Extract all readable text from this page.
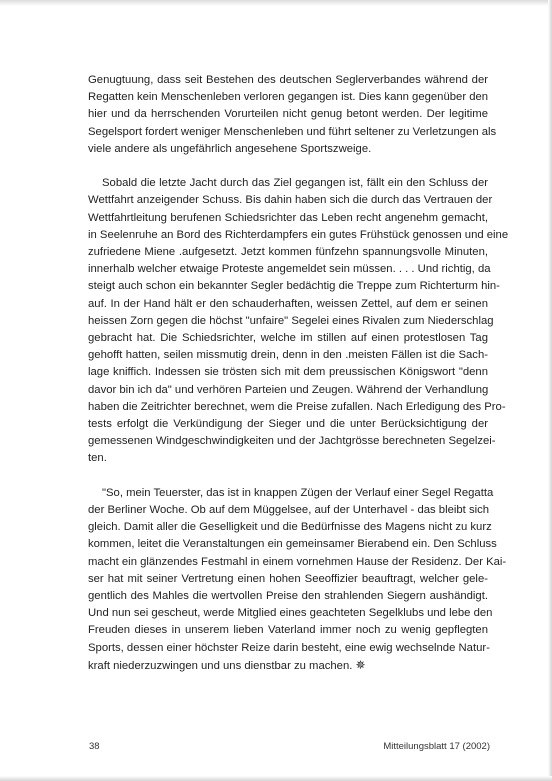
Genugtuung, dass seit Bestehen des deutschen Seglerverbandes während der
Regatten kein Menschenleben verloren gegangen ist. Dies kann gegenüber den
hier und da herrschenden Vorurteilen nicht genug betont werden. Der legitime
Segelsport fordert weniger Menschenleben und führt seltener zu Verletzungen als
viele andere als ungefährlich angesehene Sportszweige.

Sobald die letzte Jacht durch das Ziel gegangen ist, fällt ein den Schluss der
Wettfahrt anzeigender Schuss. Bis dahin haben sich die durch das Vertrauen der
Wettfahrtleitung berufenen Schiedsrichter das Leben recht angenehm gemacht,
in Seelenruhe an Bord des Richterdampfers ein gutes Frühstück genossen und eine
zufriedene Miene .aufgesetzt. Jetzt kommen fünfzehn spannungsvolle Minuten,
innerhalb welcher etwaige Proteste angemeldet sein müssen. . . . Und richtig, da
steigt auch schon ein bekannter Segler bedächtig die Treppe zum Richterturm hin-
auf. In der Hand hält er den schauderhaften, weissen Zettel, auf dem er seinen
heissen Zorn gegen die höchst "unfaire" Segelei eines Rivalen zum Niederschlag
gebracht hat. Die Schiedsrichter, welche im stillen auf einen protestlosen Tag
gehofft hatten, seilen missmutig drein, denn in den .meisten Fällen ist die Sach-
lage kniffich. Indessen sie trösten sich mit dem preussischen Königswort "denn
davor bin ich da" und verhören Parteien und Zeugen. Während der Verhandlung
haben die Zeitrichter berechnet, wem die Preise zufallen. Nach Erledigung des Pro-
tests erfolgt die Verkündigung der Sieger und die unter Berücksichtigung der
gemessenen Windgeschwindigkeiten und der Jachtgrösse berechneten Segelzei-
ten.

"So, mein Teuerster, das ist in knappen Zügen der Verlauf einer Segel Regatta
der Berliner Woche. Ob auf dem Müggelsee, auf der Unterhavel - das bleibt sich
gleich. Damit aller die Geselligkeit und die Bedürfnisse des Magens nicht zu kurz
kommen, leitet die Veranstaltungen ein gemeinsamer Bierabend ein. Den Schluss
macht ein glänzendes Festmahl in einem vornehmen Hause der Residenz. Der Kai-
ser hat mit seiner Vertretung einen hohen Seeoffizier beauftragt, welcher gele-
gentlich des Mahles die wertvollen Preise den strahlenden Siegern aushändigt.
Und nun sei gescheut, werde Mitglied eines geachteten Segelklubs und lebe den
Freuden dieses in unserem lieben Vaterland immer noch zu wenig gepflegten
Sports, dessen einer höchster Reize darin besteht, eine ewig wechselnde Natur-
kraft niederzuzwingen und uns dienstbar zu machen. ✵

38	Mitteilungsblatt 17 (2002)
